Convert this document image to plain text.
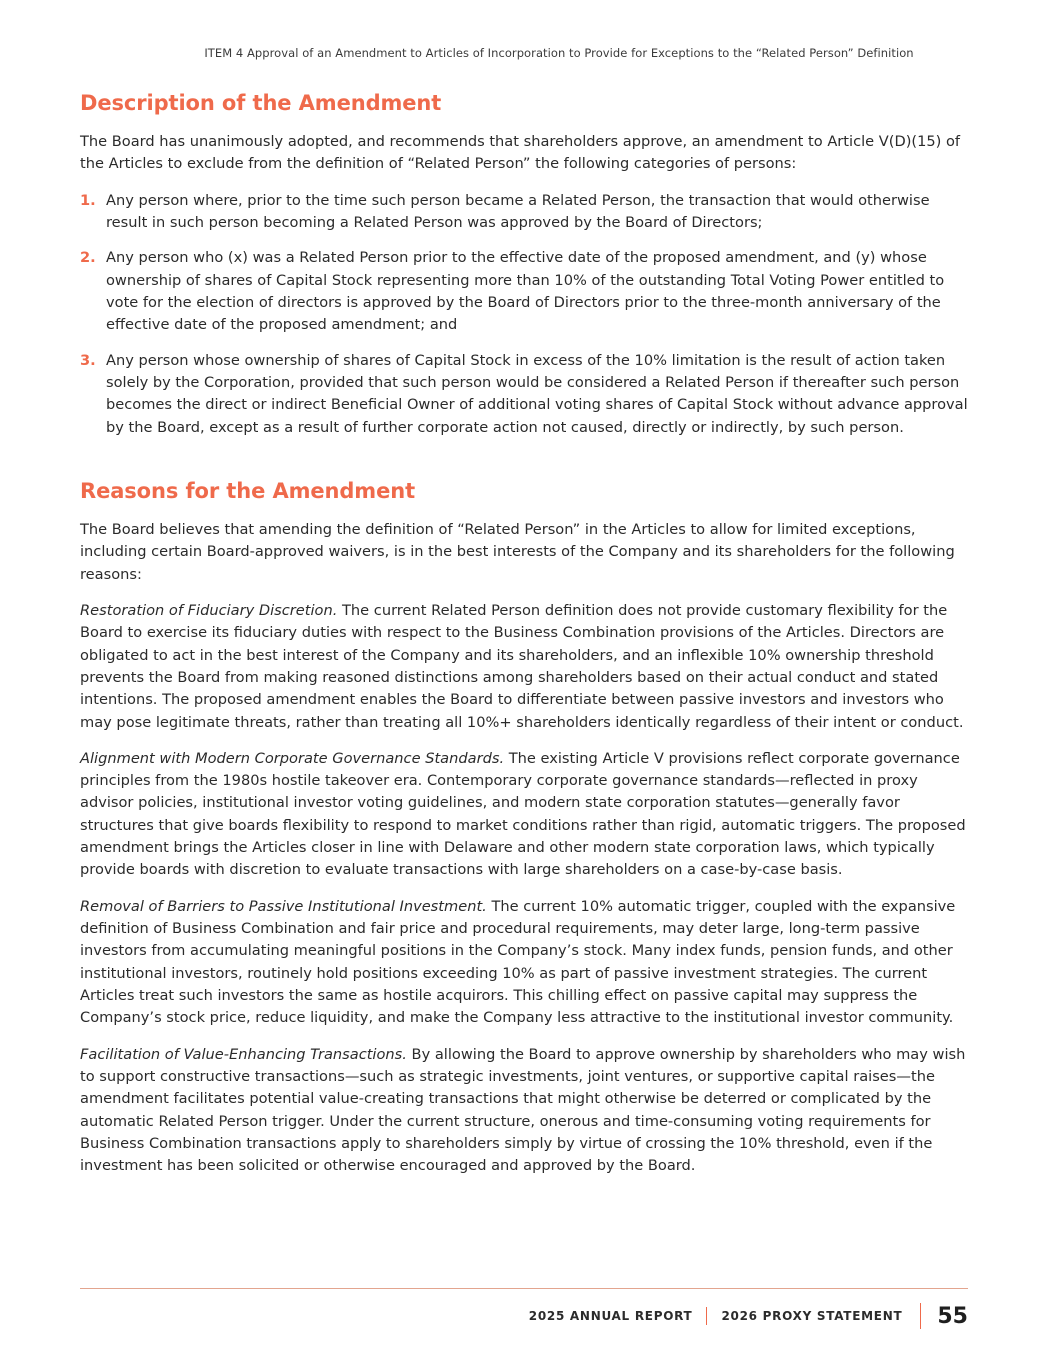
ITEM 4 Approval of an Amendment to Articles of Incorporation to Provide for Exceptions to the “Related Person” Definition
Description of the Amendment

The Board has unanimously adopted, and recommends that shareholders approve, an amendment to Article V(D)(15) of the Articles to exclude from the definition of “Related Person” the following categories of persons:

1. Any person where, prior to the time such person became a Related Person, the transaction that would otherwise result in such person becoming a Related Person was approved by the Board of Directors;
2. Any person who (x) was a Related Person prior to the effective date of the proposed amendment, and (y) whose ownership of shares of Capital Stock representing more than 10% of the outstanding Total Voting Power entitled to vote for the election of directors is approved by the Board of Directors prior to the three-month anniversary of the effective date of the proposed amendment; and
3. Any person whose ownership of shares of Capital Stock in excess of the 10% limitation is the result of action taken solely by the Corporation, provided that such person would be considered a Related Person if thereafter such person becomes the direct or indirect Beneficial Owner of additional voting shares of Capital Stock without advance approval by the Board, except as a result of further corporate action not caused, directly or indirectly, by such person.
Reasons for the Amendment

The Board believes that amending the definition of “Related Person” in the Articles to allow for limited exceptions, including certain Board-approved waivers, is in the best interests of the Company and its shareholders for the following reasons:

Restoration of Fiduciary Discretion. The current Related Person definition does not provide customary flexibility for the Board to exercise its fiduciary duties with respect to the Business Combination provisions of the Articles. Directors are obligated to act in the best interest of the Company and its shareholders, and an inflexible 10% ownership threshold prevents the Board from making reasoned distinctions among shareholders based on their actual conduct and stated intentions. The proposed amendment enables the Board to differentiate between passive investors and investors who may pose legitimate threats, rather than treating all 10%+ shareholders identically regardless of their intent or conduct.

Alignment with Modern Corporate Governance Standards. The existing Article V provisions reflect corporate governance principles from the 1980s hostile takeover era. Contemporary corporate governance standards—reflected in proxy advisor policies, institutional investor voting guidelines, and modern state corporation statutes—generally favor structures that give boards flexibility to respond to market conditions rather than rigid, automatic triggers. The proposed amendment brings the Articles closer in line with Delaware and other modern state corporation laws, which typically provide boards with discretion to evaluate transactions with large shareholders on a case-by-case basis.

Removal of Barriers to Passive Institutional Investment. The current 10% automatic trigger, coupled with the expansive definition of Business Combination and fair price and procedural requirements, may deter large, long-term passive investors from accumulating meaningful positions in the Company’s stock. Many index funds, pension funds, and other institutional investors, routinely hold positions exceeding 10% as part of passive investment strategies. The current Articles treat such investors the same as hostile acquirors. This chilling effect on passive capital may suppress the Company’s stock price, reduce liquidity, and make the Company less attractive to the institutional investor community.

Facilitation of Value-Enhancing Transactions. By allowing the Board to approve ownership by shareholders who may wish to support constructive transactions—such as strategic investments, joint ventures, or supportive capital raises—the amendment facilitates potential value-creating transactions that might otherwise be deterred or complicated by the automatic Related Person trigger. Under the current structure, onerous and time-consuming voting requirements for Business Combination transactions apply to shareholders simply by virtue of crossing the 10% threshold, even if the investment has been solicited or otherwise encouraged and approved by the Board.

2025 ANNUAL REPORT 2026 PROXY STATEMENT 55
